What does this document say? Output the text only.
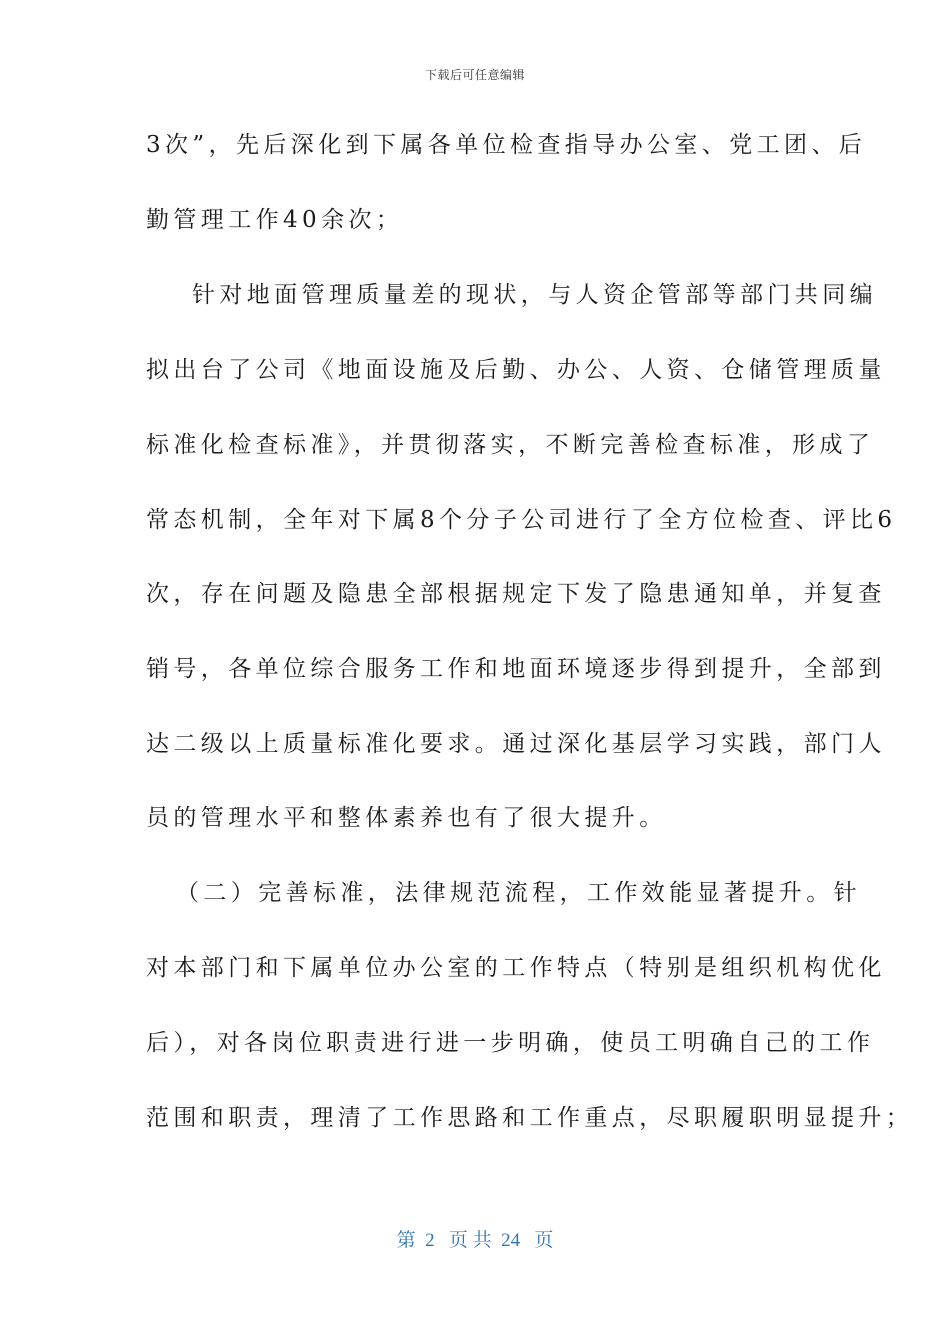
下载后可任意编辑
3次”，先后深化到下属各单位检查指导办公室、党工团、后
勤管理工作40余次；
针对地面管理质量差的现状，与人资企管部等部门共同编
拟出台了公司《地面设施及后勤、办公、人资、仓储管理质量
标准化检查标准》，并贯彻落实，不断完善检查标准，形成了
常态机制，全年对下属8个分子公司进行了全方位检查、评比6
次，存在问题及隐患全部根据规定下发了隐患通知单，并复查
销号，各单位综合服务工作和地面环境逐步得到提升，全部到
达二级以上质量标准化要求。通过深化基层学习实践，部门人
员的管理水平和整体素养也有了很大提升。
（二）完善标准，法律规范流程，工作效能显著提升。针
对本部门和下属单位办公室的工作特点（特别是组织机构优化
后），对各岗位职责进行进一步明确，使员工明确自己的工作
范围和职责，理清了工作思路和工作重点，尽职履职明显提升；
第  2   页 共  24   页
